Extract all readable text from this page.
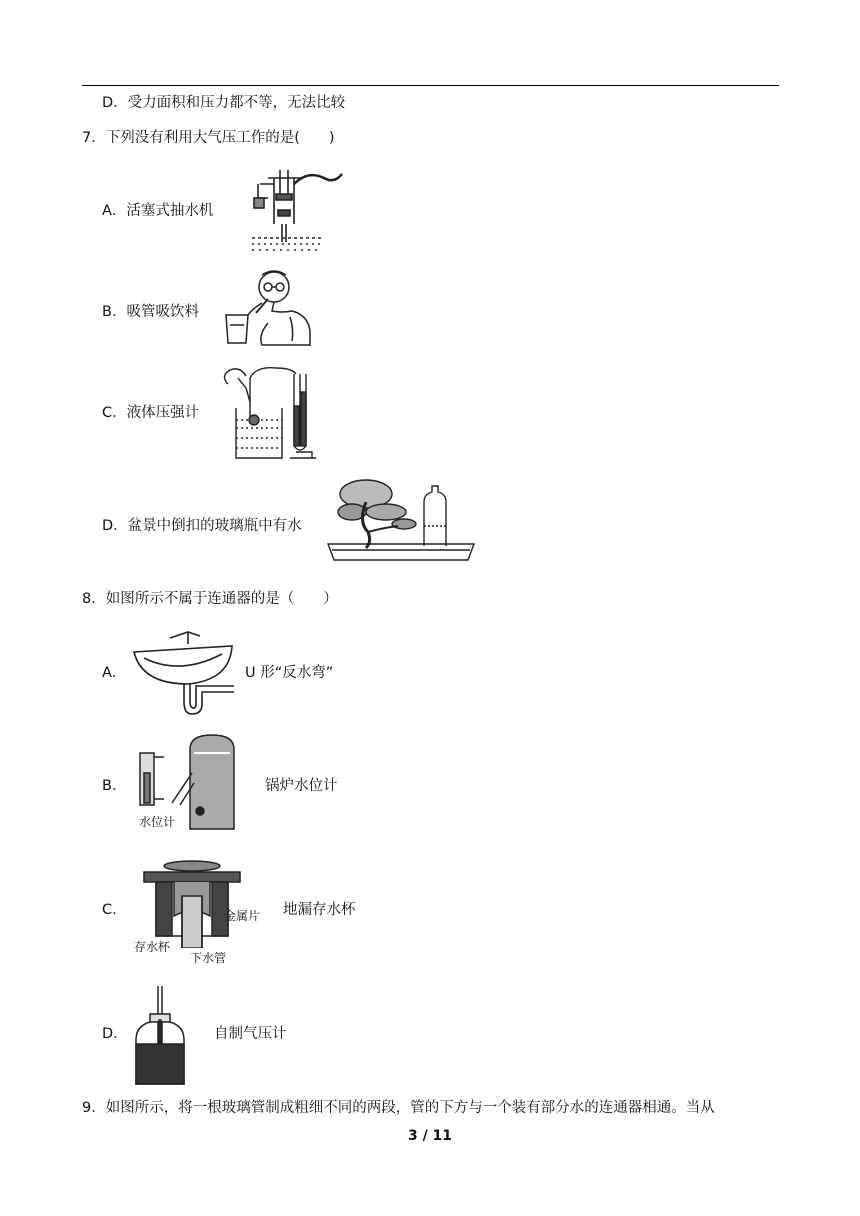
D．受力面积和压力都不等，无法比较
7．下列没有利用大气压工作的是(　　)
A．活塞式抽水机
B．吸管吸饮料
C．液体压强计
D．盆景中倒扣的玻璃瓶中有水
8．如图所示不属于连通器的是（　　）
A．	U 形“反水弯”
B．
水位计
锅炉水位计
C．	金属片
存水杯
下水管
地漏存水杯
D．	自制气压计
9．如图所示，将一根玻璃管制成粗细不同的两段，管的下方与一个装有部分水的连通器相通。当从
3 / 11
